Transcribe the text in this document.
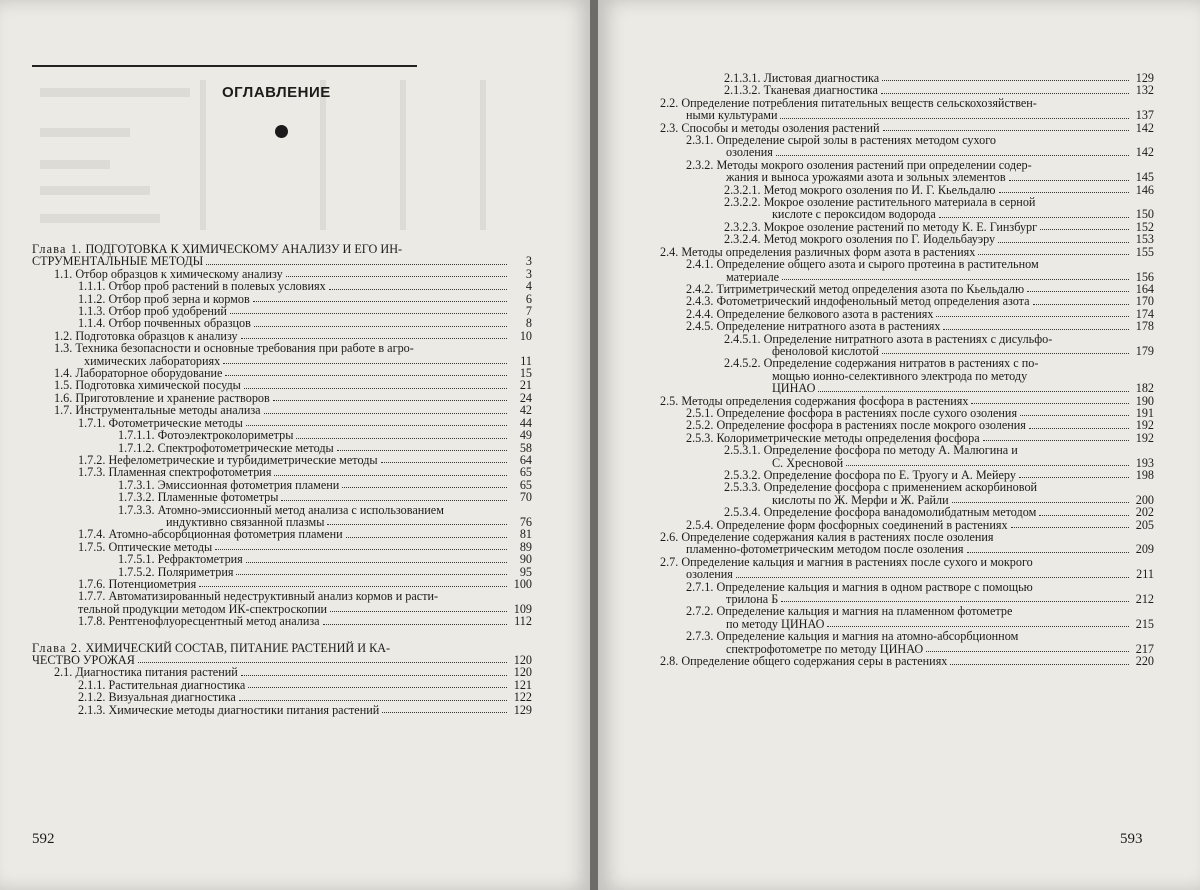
ОГЛАВЛЕНИЕ
Глава 1. ПОДГОТОВКА К ХИМИЧЕСКОМУ АНАЛИЗУ И ЕГО ИН-
СТРУМЕНТАЛЬНЫЕ МЕТОДЫ	3
1.1. Отбор образцов к химическому анализу	3
1.1.1. Отбор проб растений в полевых условиях	4
1.1.2. Отбор проб зерна и кормов	6
1.1.3. Отбор проб удобрений	7
1.1.4. Отбор почвенных образцов	8
1.2. Подготовка образцов к анализу	10
1.3. Техника безопасности и основные требования при работе в агро-
химических лабораториях	11
1.4. Лабораторное оборудование	15
1.5. Подготовка химической посуды	21
1.6. Приготовление и хранение растворов	24
1.7. Инструментальные методы анализа	42
1.7.1. Фотометрические методы	44
1.7.1.1. Фотоэлектроколориметры	49
1.7.1.2. Спектрофотометрические методы	58
1.7.2. Нефелометрические и турбидиметрические методы	64
1.7.3. Пламенная спектрофотометрия	65
1.7.3.1. Эмиссионная фотометрия пламени	65
1.7.3.2. Пламенные фотометры	70
1.7.3.3. Атомно-эмиссионный метод анализа с использованием
индуктивно связанной плазмы	76
1.7.4. Атомно-абсорбционная фотометрия пламени	81
1.7.5. Оптические методы	89
1.7.5.1. Рефрактометрия	90
1.7.5.2. Поляриметрия	95
1.7.6. Потенциометрия	100
1.7.7. Автоматизированный недеструктивный анализ кормов и расти-
тельной продукции методом ИК-спектроскопии	109
1.7.8. Рентгенофлуоресцентный метод анализа	112
Глава 2. ХИМИЧЕСКИЙ СОСТАВ, ПИТАНИЕ РАСТЕНИЙ И КА-
ЧЕСТВО УРОЖАЯ	120
2.1. Диагностика питания растений	120
2.1.1. Растительная диагностика	121
2.1.2. Визуальная диагностика	122
2.1.3. Химические методы диагностики питания растений	129
592
2.1.3.1. Листовая диагностика	129
2.1.3.2. Тканевая диагностика	132
2.2. Определение потребления питательных веществ сельскохозяйствен-
ными культурами	137
2.3. Способы и методы озоления растений	142
2.3.1. Определение сырой золы в растениях методом сухого
озоления	142
2.3.2. Методы мокрого озоления растений при определении содер-
жания и выноса урожаями азота и зольных элементов	145
2.3.2.1. Метод мокрого озоления по И. Г. Кьельдалю	146
2.3.2.2. Мокрое озоление растительного материала в серной
кислоте с пероксидом водорода	150
2.3.2.3. Мокрое озоление растений по методу К. Е. Гинзбург	152
2.3.2.4. Метод мокрого озоления по Г. Иодельбауэру	153
2.4. Методы определения различных форм азота в растениях	155
2.4.1. Определение общего азота и сырого протеина в растительном
материале	156
2.4.2. Титриметрический метод определения азота по Кьельдалю	164
2.4.3. Фотометрический индофенольный метод определения азота	170
2.4.4. Определение белкового азота в растениях	174
2.4.5. Определение нитратного азота в растениях	178
2.4.5.1. Определение нитратного азота в растениях с дисульфо-
феноловой кислотой	179
2.4.5.2. Определение содержания нитратов в растениях с по-
мощью ионно-селективного электрода по методу
ЦИНАО	182
2.5. Методы определения содержания фосфора в растениях	190
2.5.1. Определение фосфора в растениях после сухого озоления	191
2.5.2. Определение фосфора в растениях после мокрого озоления	192
2.5.3. Колориметрические методы определения фосфора	192
2.5.3.1. Определение фосфора по методу А. Малюгина и
С. Хресновой	193
2.5.3.2. Определение фосфора по Е. Труогу и А. Мейеру	198
2.5.3.3. Определение фосфора с применением аскорбиновой
кислоты по Ж. Мерфи и Ж. Райли	200
2.5.3.4. Определение фосфора ванадомолибдатным методом	202
2.5.4. Определение форм фосфорных соединений в растениях	205
2.6. Определение содержания калия в растениях после озоления
пламенно-фотометрическим методом после озоления	209
2.7. Определение кальция и магния в растениях после сухого и мокрого
озоления	211
2.7.1. Определение кальция и магния в одном растворе с помощью
трилона Б	212
2.7.2. Определение кальция и магния на пламенном фотометре
по методу ЦИНАО	215
2.7.3. Определение кальция и магния на атомно-абсорбционном
спектрофотометре по методу ЦИНАО	217
2.8. Определение общего содержания серы в растениях	220
593
